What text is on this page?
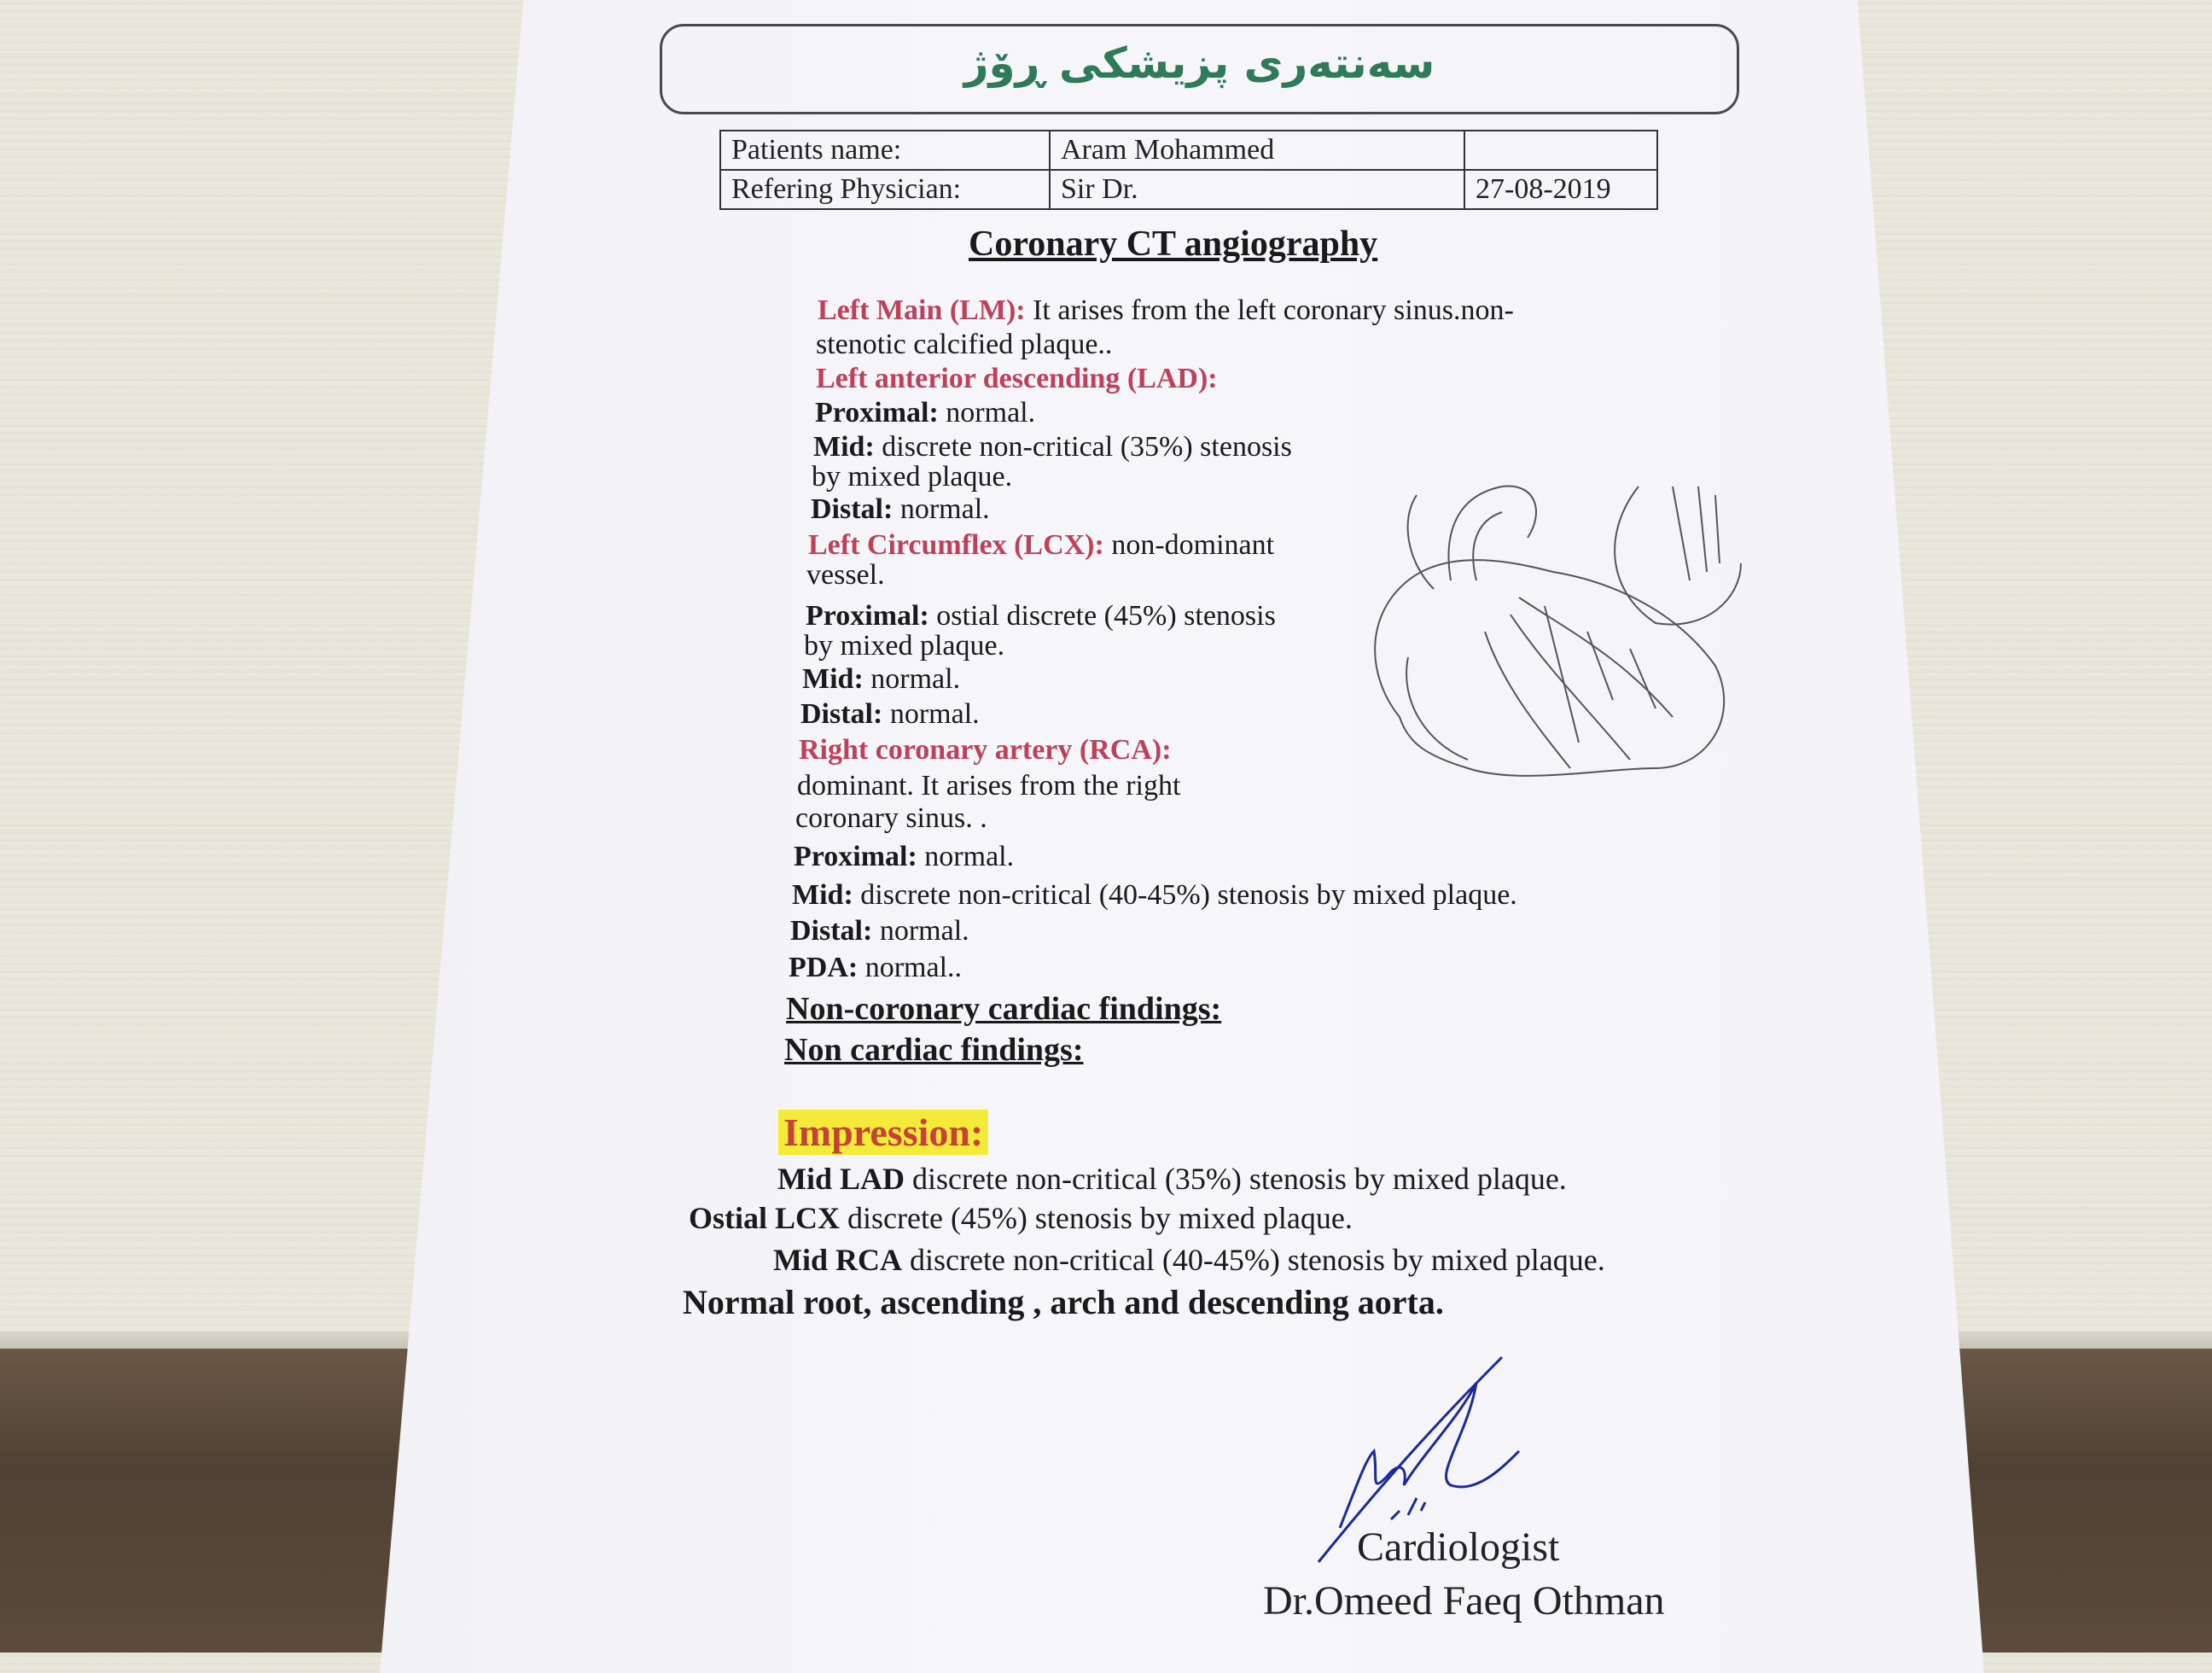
سەنتەری پزیشکی ڕۆژ
Patients name:	Aram Mohammed	
Refering Physician:	Sir Dr.	27-08-2019
Coronary CT angiography
Left Main (LM): It arises from the left coronary sinus.non-
stenotic calcified plaque..
Left anterior descending (LAD):
Proximal: normal.
Mid: discrete non-critical (35%) stenosis
by mixed plaque.
Distal: normal.
Left Circumflex (LCX): non-dominant
vessel.
Proximal: ostial discrete (45%) stenosis
by mixed plaque.
Mid: normal.
Distal: normal.
Right coronary artery (RCA):
dominant. It arises from the right
coronary sinus. .
Proximal: normal.
Mid: discrete non-critical (40-45%) stenosis by mixed plaque.
Distal: normal.
PDA: normal..
Non-coronary cardiac findings:
Non cardiac findings:
Impression:
Mid LAD discrete non-critical (35%) stenosis by mixed plaque.
Ostial LCX discrete (45%) stenosis by mixed plaque.
Mid RCA discrete non-critical (40-45%) stenosis by mixed plaque.
Normal root, ascending , arch and descending aorta.
Cardiologist
Dr.Omeed Faeq Othman
